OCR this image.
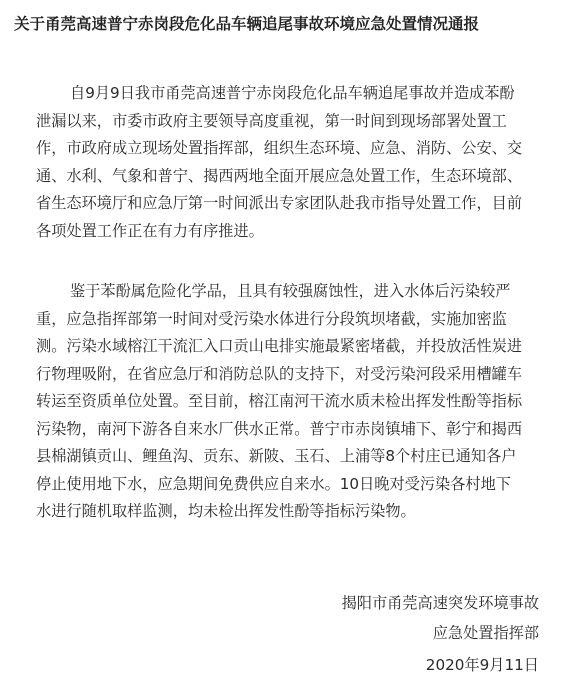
关于甬莞高速普宁赤岗段危化品车辆追尾事故环境应急处置情况通报
自9月9日我市甬莞高速普宁赤岗段危化品车辆追尾事故并造成苯酚
泄漏以来，市委市政府主要领导高度重视，第一时间到现场部署处置工
作，市政府成立现场处置指挥部，组织生态环境、应急、消防、公安、交
通、水利、气象和普宁、揭西两地全面开展应急处置工作，生态环境部、
省生态环境厅和应急厅第一时间派出专家团队赴我市指导处置工作，目前
各项处置工作正在有力有序推进。
鉴于苯酚属危险化学品，且具有较强腐蚀性，进入水体后污染较严
重，应急指挥部第一时间对受污染水体进行分段筑坝堵截，实施加密监
测。污染水域榕江干流汇入口贡山电排实施最紧密堵截，并投放活性炭进
行物理吸附，在省应急厅和消防总队的支持下，对受污染河段采用槽罐车
转运至资质单位处置。至目前，榕江南河干流水质未检出挥发性酚等指标
污染物，南河下游各自来水厂供水正常。普宁市赤岗镇埔下、彰宁和揭西
县棉湖镇贡山、鲤鱼沟、贡东、新陂、玉石、上浦等8个村庄已通知各户
停止使用地下水，应急期间免费供应自来水。10日晚对受污染各村地下
水进行随机取样监测，均未检出挥发性酚等指标污染物。
揭阳市甬莞高速突发环境事故
应急处置指挥部
2020年9月11日
